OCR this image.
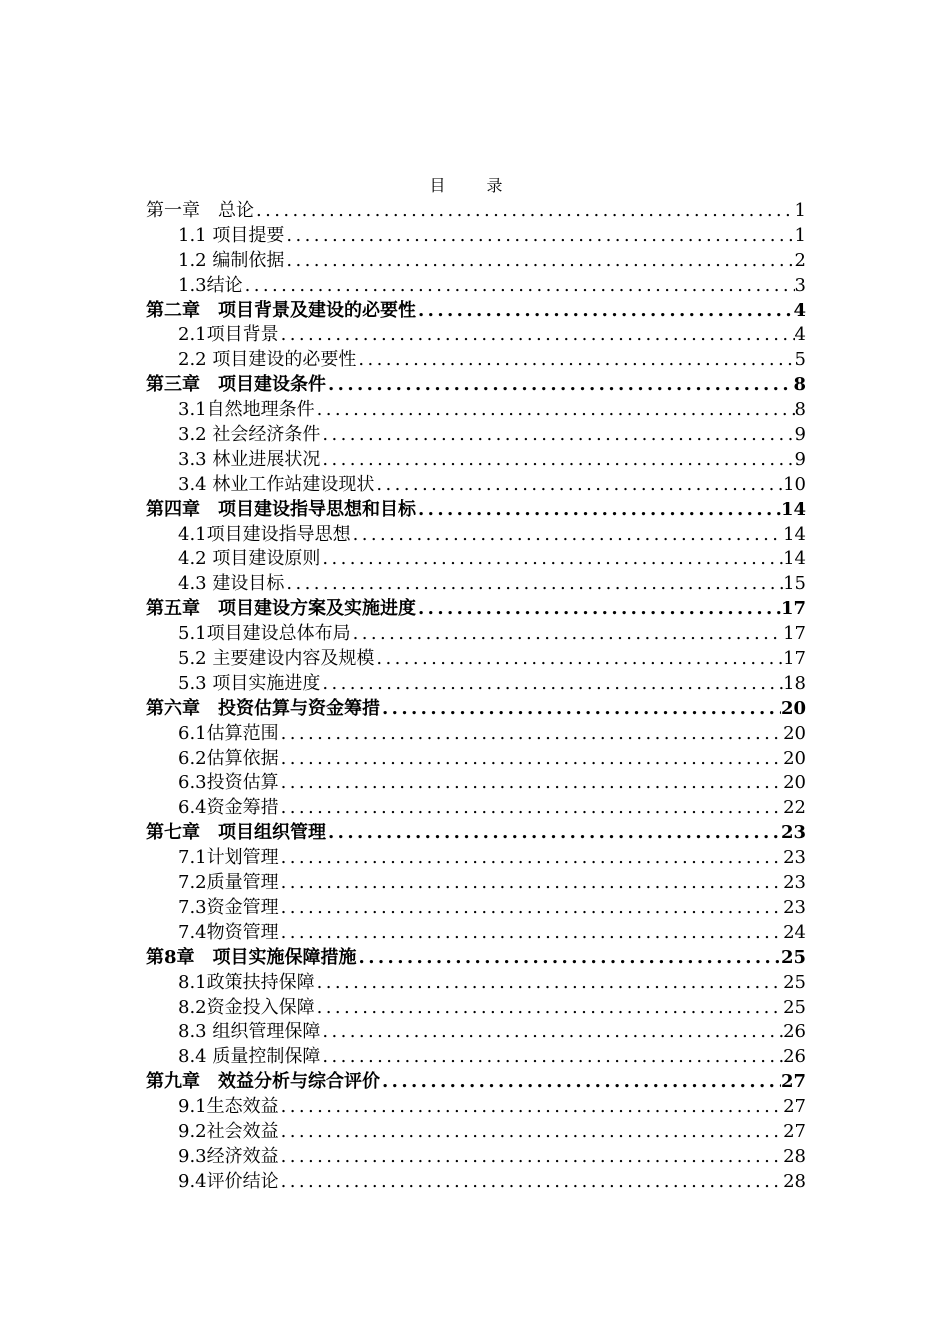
目 录
第一章　总论 .....	1
1.1 项目提要 .....	1
1.2 编制依据 .....	2
1.3结论 .....	3
第二章　项目背景及建设的必要性 .....	4
2.1项目背景 .....	4
2.2 项目建设的必要性 .....	5
第三章　项目建设条件 .....	8
3.1自然地理条件 .....	8
3.2 社会经济条件 .....	9
3.3 林业进展状况 .....	9
3.4 林业工作站建设现状 .....	10
第四章　项目建设指导思想和目标 .....	14
4.1项目建设指导思想 .....	14
4.2 项目建设原则 .....	14
4.3 建设目标 .....	15
第五章　项目建设方案及实施进度 .....	17
5.1项目建设总体布局 .....	17
5.2 主要建设内容及规模 .....	17
5.3 项目实施进度 .....	18
第六章　投资估算与资金筹措 .....	20
6.1估算范围 .....	20
6.2估算依据 .....	20
6.3投资估算 .....	20
6.4资金筹措 .....	22
第七章　项目组织管理 .....	23
7.1计划管理 .....	23
7.2质量管理 .....	23
7.3资金管理 .....	23
7.4物资管理 .....	24
第8章　项目实施保障措施 .....	25
8.1政策扶持保障 .....	25
8.2资金投入保障 .....	25
8.3 组织管理保障 .....	26
8.4 质量控制保障 .....	26
第九章　效益分析与综合评价 .....	27
9.1生态效益 .....	27
9.2社会效益 .....	27
9.3经济效益 .....	28
9.4评价结论 .....	28
